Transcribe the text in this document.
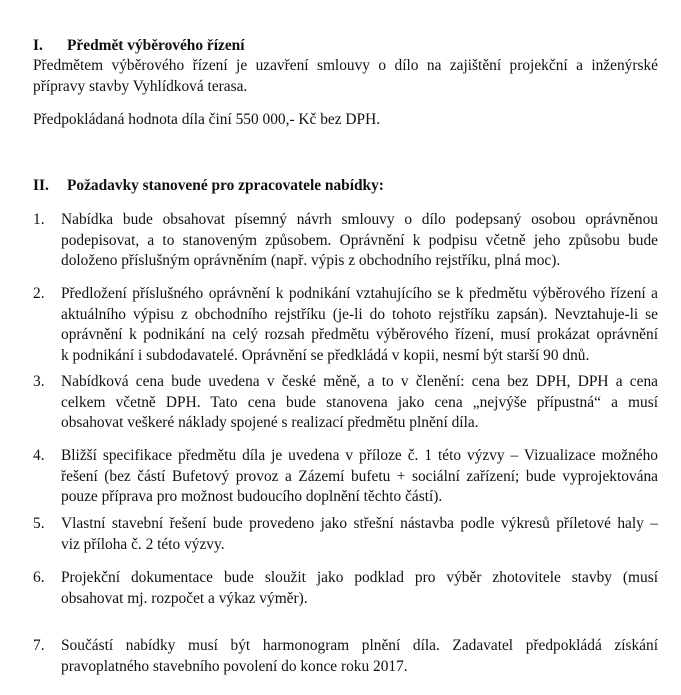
I. Předmět výběrového řízení
Předmětem výběrového řízení je uzavření smlouvy o dílo na zajištění projekční a inženýrské
přípravy stavby Vyhlídková terasa.
Předpokládaná hodnota díla činí 550 000,- Kč bez DPH.
II. Požadavky stanovené pro zpracovatele nabídky:
1.	Nabídka bude obsahovat písemný návrh smlouvy o dílo podepsaný osobou oprávněnou
podepisovat, a to stanoveným způsobem. Oprávnění k podpisu včetně jeho způsobu bude
doloženo příslušným oprávněním (např. výpis z obchodního rejstříku, plná moc).
2.	Předložení příslušného oprávnění k podnikání vztahujícího se k předmětu výběrového řízení a
aktuálního výpisu z obchodního rejstříku (je-li do tohoto rejstříku zapsán). Nevztahuje-li se
oprávnění k podnikání na celý rozsah předmětu výběrového řízení, musí prokázat oprávnění
k podnikání i subdodavatelé. Oprávnění se předkládá v kopii, nesmí být starší 90 dnů.
3.	Nabídková cena bude uvedena v české měně, a to v členění: cena bez DPH, DPH a cena
celkem včetně DPH. Tato cena bude stanovena jako cena „nejvýše přípustná“ a musí
obsahovat veškeré náklady spojené s realizací předmětu plnění díla.
4.	Bližší specifikace předmětu díla je uvedena v příloze č. 1 této výzvy – Vizualizace možného
řešení (bez částí Bufetový provoz a Zázemí bufetu + sociální zařízení; bude vyprojektována
pouze příprava pro možnost budoucího doplnění těchto částí).
5.	Vlastní stavební řešení bude provedeno jako střešní nástavba podle výkresů příletové haly –
viz příloha č. 2 této výzvy.
6.	Projekční dokumentace bude sloužit jako podklad pro výběr zhotovitele stavby (musí
obsahovat mj. rozpočet a výkaz výměr).
7.	Součástí nabídky musí být harmonogram plnění díla. Zadavatel předpokládá získání
pravoplatného stavebního povolení do konce roku 2017.
